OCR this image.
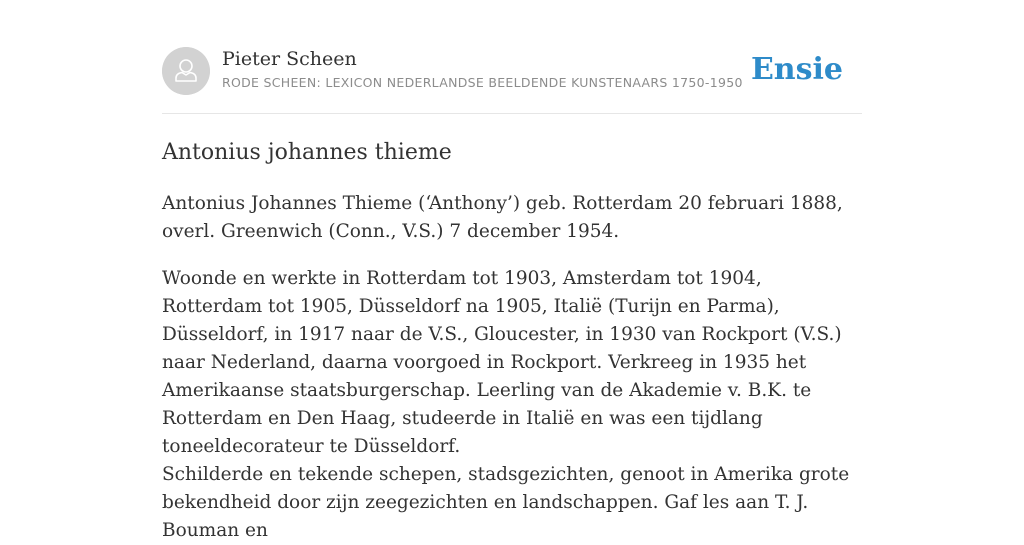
Pieter Scheen
RODE SCHEEN: LEXICON NEDERLANDSE BEELDENDE KUNSTENAARS 1750-1950 Ensie
Antonius johannes thieme

Antonius Johannes Thieme (‘Anthony’) geb. Rotterdam 20 februari 1888, overl. Greenwich (Conn., V.S.) 7 december 1954.

Woonde en werkte in Rotterdam tot 1903, Amsterdam tot 1904, Rotterdam tot 1905, Düsseldorf na 1905, Italië (Turijn en Parma), Düsseldorf, in 1917 naar de V.S., Gloucester, in 1930 van Rockport (V.S.) naar Nederland, daarna voorgoed in Rockport. Verkreeg in 1935 het Amerikaanse staatsburgerschap. Leerling van de Akademie v. B.K. te Rotterdam en Den Haag, studeerde in Italië en was een tijdlang toneeldecorateur te Düsseldorf.

Schilderde en tekende schepen, stadsgezichten, genoot in Amerika grote bekendheid door zijn zeegezichten en landschappen. Gaf les aan T. J. Bouman en
